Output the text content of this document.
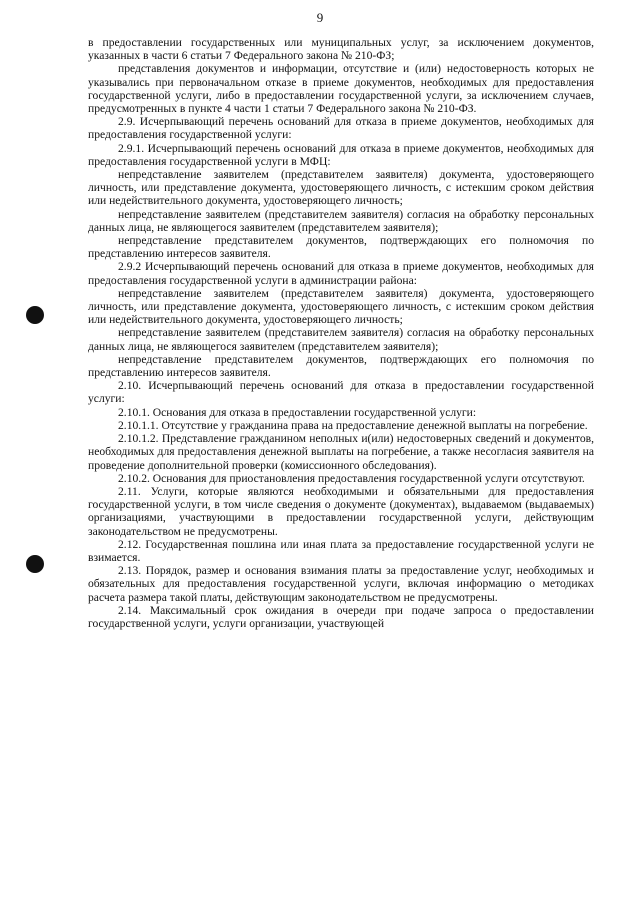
9

в предоставлении государственных или муниципальных услуг, за исключением документов, указанных в части 6 статьи 7 Федерального закона № 210-ФЗ;

представления документов и информации, отсутствие и (или) недостоверность которых не указывались при первоначальном отказе в приеме документов, необходимых для предоставления государственной услуги, либо в предоставлении государственной услуги, за исключением случаев, предусмотренных в пункте 4 части 1 статьи 7 Федерального закона № 210-ФЗ.

2.9. Исчерпывающий перечень оснований для отказа в приеме документов, необходимых для предоставления государственной услуги:

2.9.1. Исчерпывающий перечень оснований для отказа в приеме документов, необходимых для предоставления государственной услуги в МФЦ:

непредставление заявителем (представителем заявителя) документа, удостоверяющего личность, или представление документа, удостоверяющего личность, с истекшим сроком действия или недействительного документа, удостоверяющего личность;

непредставление заявителем (представителем заявителя) согласия на обработку персональных данных лица, не являющегося заявителем (представителем заявителя);

непредставление представителем документов, подтверждающих его полномочия по представлению интересов заявителя.

2.9.2 Исчерпывающий перечень оснований для отказа в приеме документов, необходимых для предоставления государственной услуги в администрации района:

непредставление заявителем (представителем заявителя) документа, удостоверяющего личность, или представление документа, удостоверяющего личность, с истекшим сроком действия или недействительного документа, удостоверяющего личность;

непредставление заявителем (представителем заявителя) согласия на обработку персональных данных лица, не являющегося заявителем (представителем заявителя);

непредставление представителем документов, подтверждающих его полномочия по представлению интересов заявителя.

2.10. Исчерпывающий перечень оснований для отказа в предоставлении государственной услуги:

2.10.1. Основания для отказа в предоставлении государственной услуги:

2.10.1.1. Отсутствие у гражданина права на предоставление денежной выплаты на погребение.

2.10.1.2. Представление гражданином неполных и(или) недостоверных сведений и документов, необходимых для предоставления денежной выплаты на погребение, а также несогласия заявителя на проведение дополнительной проверки (комиссионного обследования).

2.10.2. Основания для приостановления предоставления государственной услуги отсутствуют.

2.11. Услуги, которые являются необходимыми и обязательными для предоставления государственной услуги, в том числе сведения о документе (документах), выдаваемом (выдаваемых) организациями, участвующими в предоставлении государственной услуги, действующим законодательством не предусмотрены.

2.12. Государственная пошлина или иная плата за предоставление государственной услуги не взимается.

2.13. Порядок, размер и основания взимания платы за предоставление услуг, необходимых и обязательных для предоставления государственной услуги, включая информацию о методиках расчета размера такой платы, действующим законодательством не предусмотрены.

2.14. Максимальный срок ожидания в очереди при подаче запроса о предоставлении государственной услуги, услуги организации, участвующей
